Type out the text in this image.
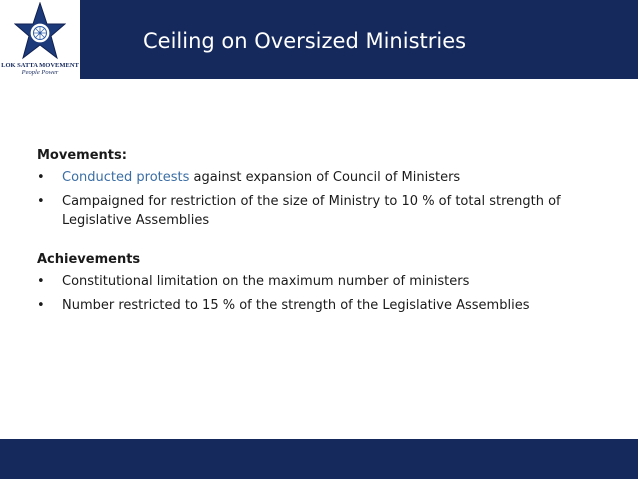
LOK SATTA MOVEMENT
People Power
Ceiling on Oversized Ministries

Movements:

• Conducted protests against expansion of Council of Ministers
• Campaigned for restriction of the size of Ministry to 10 % of total strength of Legislative Assemblies

Achievements

• Constitutional limitation on the maximum number of ministers
• Number restricted to 15 % of the strength of the Legislative Assemblies
